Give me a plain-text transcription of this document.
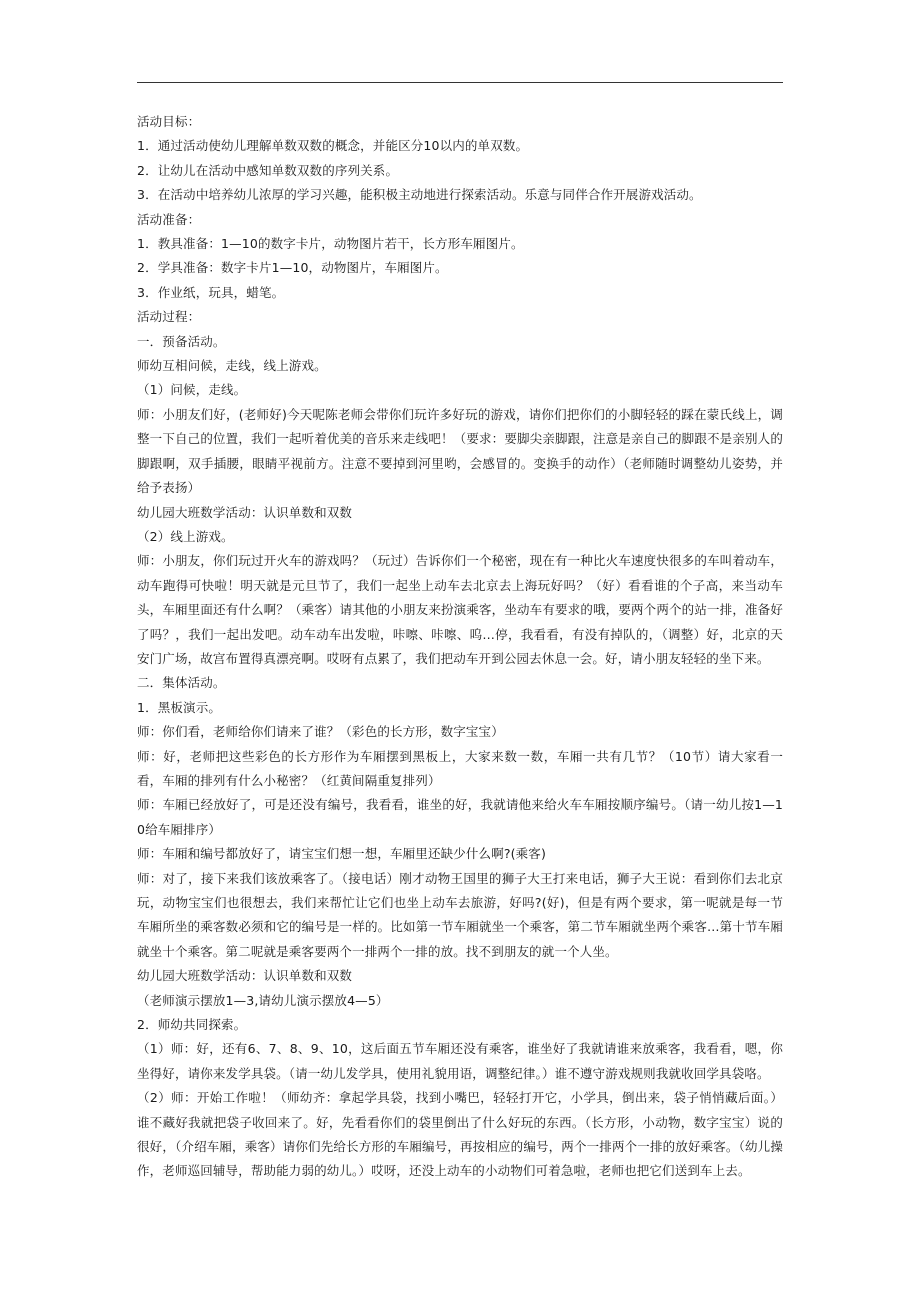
活动目标：

1．通过活动使幼儿理解单数双数的概念，并能区分10以内的单双数。

2．让幼儿在活动中感知单数双数的序列关系。

3．在活动中培养幼儿浓厚的学习兴趣，能积极主动地进行探索活动。乐意与同伴合作开展游戏活动。

活动准备：

1．教具准备：1—10的数字卡片，动物图片若干，长方形车厢图片。

2．学具准备：数字卡片1—10，动物图片，车厢图片。

3．作业纸，玩具，蜡笔。

活动过程：

一．预备活动。

师幼互相问候，走线，线上游戏。

（1）问候，走线。

师：小朋友们好，(老师好)今天呢陈老师会带你们玩许多好玩的游戏，请你们把你们的小脚轻轻的踩在蒙氏线上，调整一下自己的位置，我们一起听着优美的音乐来走线吧！（要求：要脚尖亲脚跟，注意是亲自己的脚跟不是亲别人的脚跟啊，双手插腰，眼睛平视前方。注意不要掉到河里哟，会感冒的。变换手的动作）（老师随时调整幼儿姿势，并给予表扬）

幼儿园大班数学活动：认识单数和双数

（2）线上游戏。

师：小朋友，你们玩过开火车的游戏吗？（玩过）告诉你们一个秘密，现在有一种比火车速度快很多的车叫着动车，动车跑得可快啦！明天就是元旦节了，我们一起坐上动车去北京去上海玩好吗？（好）看看谁的个子高，来当动车头，车厢里面还有什么啊？（乘客）请其他的小朋友来扮演乘客，坐动车有要求的哦，要两个两个的站一排，准备好了吗？，我们一起出发吧。动车动车出发啦，咔嚓、咔嚓、呜…停，我看看，有没有掉队的，（调整）好，北京的天安门广场，故宫布置得真漂亮啊。哎呀有点累了，我们把动车开到公园去休息一会。好，请小朋友轻轻的坐下来。

二．集体活动。

1．黑板演示。

师：你们看，老师给你们请来了谁？（彩色的长方形，数字宝宝）

师：好，老师把这些彩色的长方形作为车厢摆到黑板上，大家来数一数，车厢一共有几节？（10节）请大家看一看，车厢的排列有什么小秘密？（红黄间隔重复排列）

师：车厢已经放好了，可是还没有编号，我看看，谁坐的好，我就请他来给火车车厢按顺序编号。（请一幼儿按1—10给车厢排序）

师：车厢和编号都放好了，请宝宝们想一想，车厢里还缺少什么啊?(乘客)

师：对了，接下来我们该放乘客了。（接电话）刚才动物王国里的狮子大王打来电话，狮子大王说：看到你们去北京玩，动物宝宝们也很想去，我们来帮忙让它们也坐上动车去旅游，好吗?(好)，但是有两个要求，第一呢就是每一节车厢所坐的乘客数必须和它的编号是一样的。比如第一节车厢就坐一个乘客，第二节车厢就坐两个乘客…第十节车厢就坐十个乘客。第二呢就是乘客要两个一排两个一排的放。找不到朋友的就一个人坐。

幼儿园大班数学活动：认识单数和双数

（老师演示摆放1—3,请幼儿演示摆放4—5）

2．师幼共同探索。

（1）师：好，还有6、7、8、9、10，这后面五节车厢还没有乘客，谁坐好了我就请谁来放乘客，我看看，嗯，你坐得好，请你来发学具袋。（请一幼儿发学具，使用礼貌用语，调整纪律。）谁不遵守游戏规则我就收回学具袋咯。

（2）师：开始工作啦！（师幼齐：拿起学具袋，找到小嘴巴，轻轻打开它，小学具，倒出来，袋子悄悄藏后面。）谁不藏好我就把袋子收回来了。好，先看看你们的袋里倒出了什么好玩的东西。（长方形，小动物，数字宝宝）说的很好，（介绍车厢，乘客）请你们先给长方形的车厢编号，再按相应的编号，两个一排两个一排的放好乘客。（幼儿操作，老师巡回辅导，帮助能力弱的幼儿。）哎呀，还没上动车的小动物们可着急啦，老师也把它们送到车上去。
